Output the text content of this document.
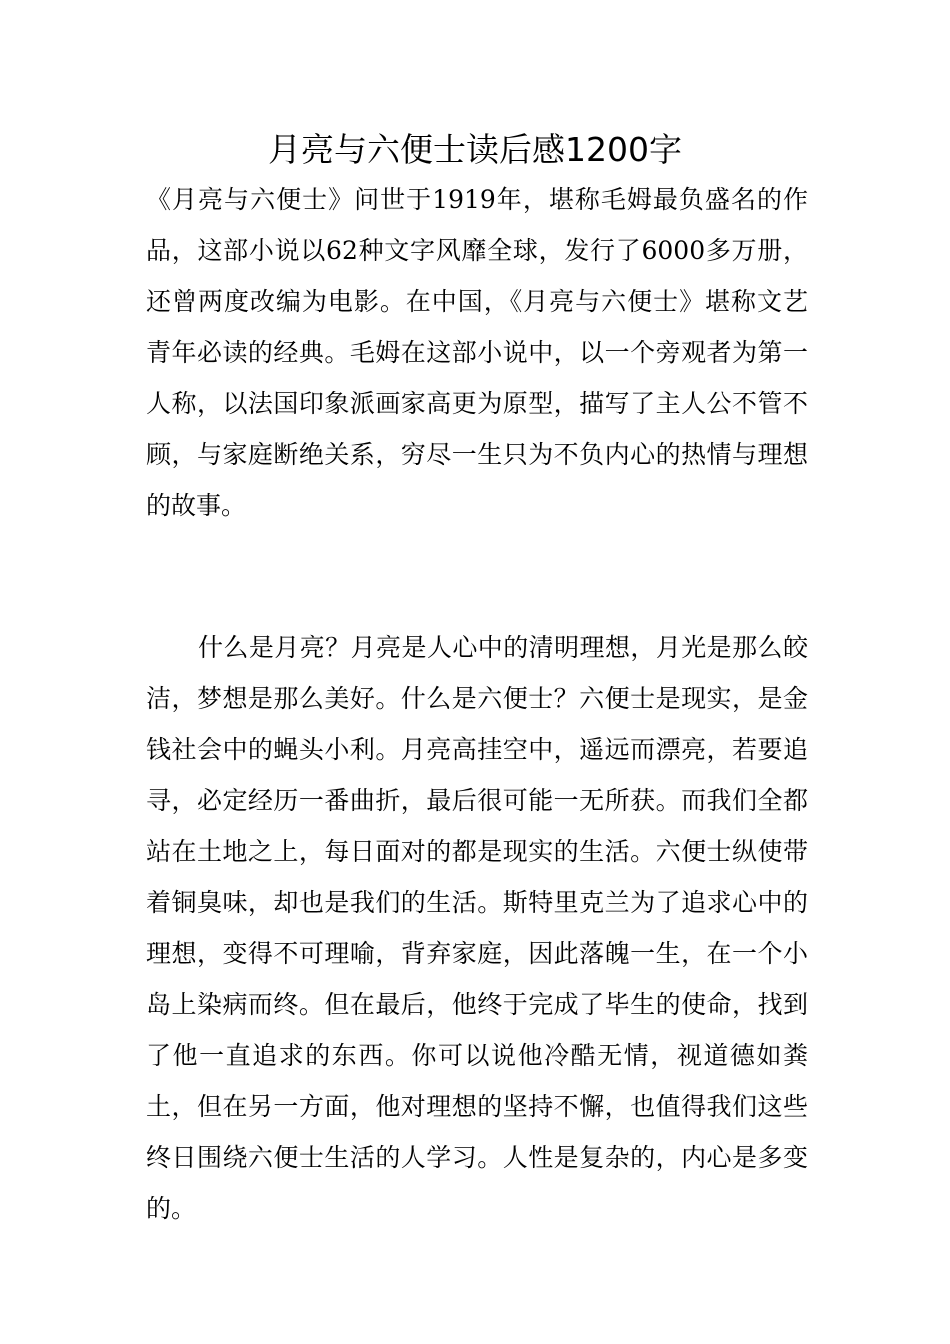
月亮与六便士读后感1200字

《月亮与六便士》问世于1919年，堪称毛姆最负盛名的作品，这部小说以62种文字风靡全球，发行了6000多万册，还曾两度改编为电影。在中国，《月亮与六便士》堪称文艺青年必读的经典。毛姆在这部小说中，以一个旁观者为第一人称，以法国印象派画家高更为原型，描写了主人公不管不顾，与家庭断绝关系，穷尽一生只为不负内心的热情与理想的故事。

什么是月亮？月亮是人心中的清明理想，月光是那么皎洁，梦想是那么美好。什么是六便士？六便士是现实，是金钱社会中的蝇头小利。月亮高挂空中，遥远而漂亮，若要追寻，必定经历一番曲折，最后很可能一无所获。而我们全都站在土地之上，每日面对的都是现实的生活。六便士纵使带着铜臭味，却也是我们的生活。斯特里克兰为了追求心中的理想，变得不可理喻，背弃家庭，因此落魄一生，在一个小岛上染病而终。但在最后，他终于完成了毕生的使命，找到了他一直追求的东西。你可以说他冷酷无情，视道德如粪土，但在另一方面，他对理想的坚持不懈，也值得我们这些终日围绕六便士生活的人学习。人性是复杂的，内心是多变的。
